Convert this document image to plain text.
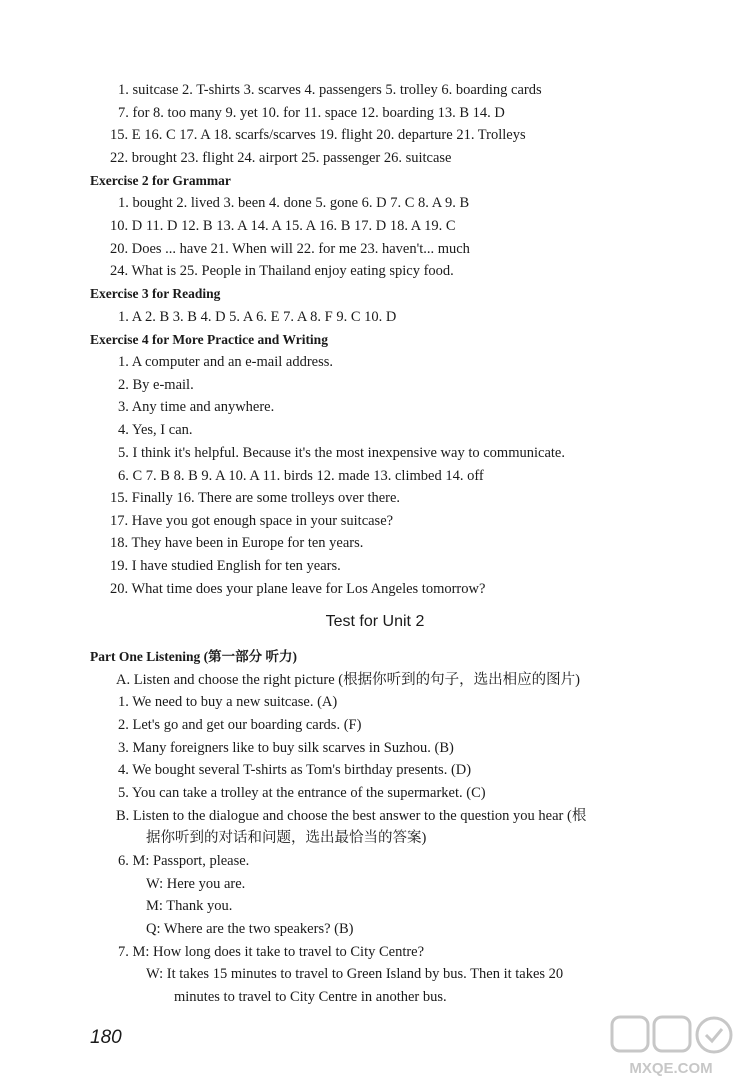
1. suitcase 2. T-shirts 3. scarves 4. passengers 5. trolley 6. boarding cards
7. for 8. too many 9. yet 10. for 11. space 12. boarding 13. B 14. D
15. E 16. C 17. A 18. scarfs/scarves 19. flight 20. departure 21. Trolleys
22. brought 23. flight 24. airport 25. passenger 26. suitcase
Exercise 2 for Grammar
1. bought 2. lived 3. been 4. done 5. gone 6. D 7. C 8. A 9. B
10. D 11. D 12. B 13. A 14. A 15. A 16. B 17. D 18. A 19. C
20. Does ... have 21. When will 22. for me 23. haven't... much
24. What is 25. People in Thailand enjoy eating spicy food.
Exercise 3 for Reading
1. A 2. B 3. B 4. D 5. A 6. E 7. A 8. F 9. C 10. D
Exercise 4 for More Practice and Writing
1. A computer and an e-mail address.
2. By e-mail.
3. Any time and anywhere.
4. Yes, I can.
5. I think it's helpful. Because it's the most inexpensive way to communicate.
6. C 7. B 8. B 9. A 10. A 11. birds 12. made 13. climbed 14. off
15. Finally 16. There are some trolleys over there.
17. Have you got enough space in your suitcase?
18. They have been in Europe for ten years.
19. I have studied English for ten years.
20. What time does your plane leave for Los Angeles tomorrow?
Test for Unit 2
Part One Listening (第一部分 听力)
A. Listen and choose the right picture (根据你听到的句子，选出相应的图片)
1. We need to buy a new suitcase. (A)
2. Let's go and get our boarding cards. (F)
3. Many foreigners like to buy silk scarves in Suzhou. (B)
4. We bought several T-shirts as Tom's birthday presents. (D)
5. You can take a trolley at the entrance of the supermarket. (C)
B. Listen to the dialogue and choose the best answer to the question you hear (根
据你听到的对话和问题，选出最恰当的答案)
6. M: Passport, please.
W: Here you are.
M: Thank you.
Q: Where are the two speakers? (B)
7. M: How long does it take to travel to City Centre?
W: It takes 15 minutes to travel to Green Island by bus. Then it takes 20
minutes to travel to City Centre in another bus.
180
MXQE.COM
